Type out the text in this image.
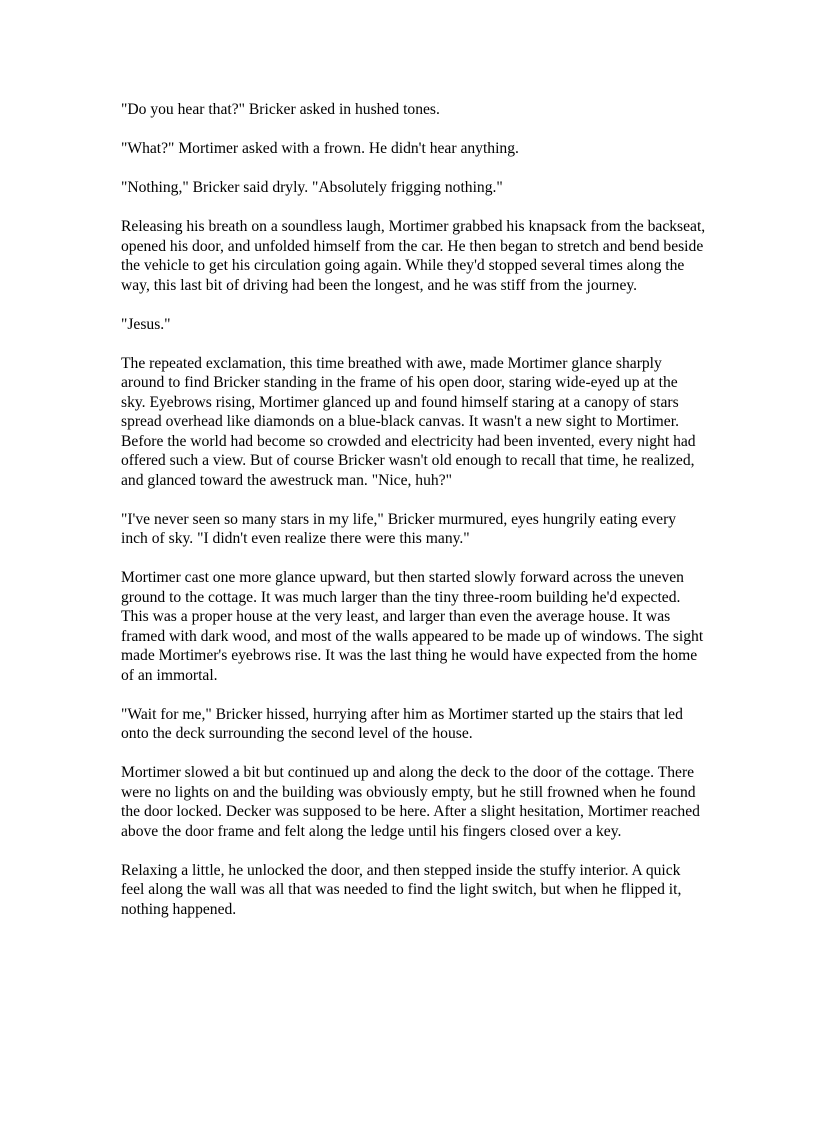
"Do you hear that?" Bricker asked in hushed tones.

"What?" Mortimer asked with a frown. He didn't hear anything.

"Nothing," Bricker said dryly. "Absolutely frigging nothing."

Releasing his breath on a soundless laugh, Mortimer grabbed his knapsack from the backseat, opened his door, and unfolded himself from the car. He then began to stretch and bend beside the vehicle to get his circulation going again. While they'd stopped several times along the way, this last bit of driving had been the longest, and he was stiff from the journey.

"Jesus."

The repeated exclamation, this time breathed with awe, made Mortimer glance sharply around to find Bricker standing in the frame of his open door, staring wide-eyed up at the sky. Eyebrows rising, Mortimer glanced up and found himself staring at a canopy of stars spread overhead like diamonds on a blue-black canvas. It wasn't a new sight to Mortimer. Before the world had become so crowded and electricity had been invented, every night had offered such a view. But of course Bricker wasn't old enough to recall that time, he realized, and glanced toward the awestruck man. "Nice, huh?"

"I've never seen so many stars in my life," Bricker murmured, eyes hungrily eating every inch of sky. "I didn't even realize there were this many."

Mortimer cast one more glance upward, but then started slowly forward across the uneven ground to the cottage. It was much larger than the tiny three-room building he'd expected. This was a proper house at the very least, and larger than even the average house. It was framed with dark wood, and most of the walls appeared to be made up of windows. The sight made Mortimer's eyebrows rise. It was the last thing he would have expected from the home of an immortal.

"Wait for me," Bricker hissed, hurrying after him as Mortimer started up the stairs that led onto the deck surrounding the second level of the house.

Mortimer slowed a bit but continued up and along the deck to the door of the cottage. There were no lights on and the building was obviously empty, but he still frowned when he found the door locked. Decker was supposed to be here. After a slight hesitation, Mortimer reached above the door frame and felt along the ledge until his fingers closed over a key.

Relaxing a little, he unlocked the door, and then stepped inside the stuffy interior. A quick feel along the wall was all that was needed to find the light switch, but when he flipped it, nothing happened.
